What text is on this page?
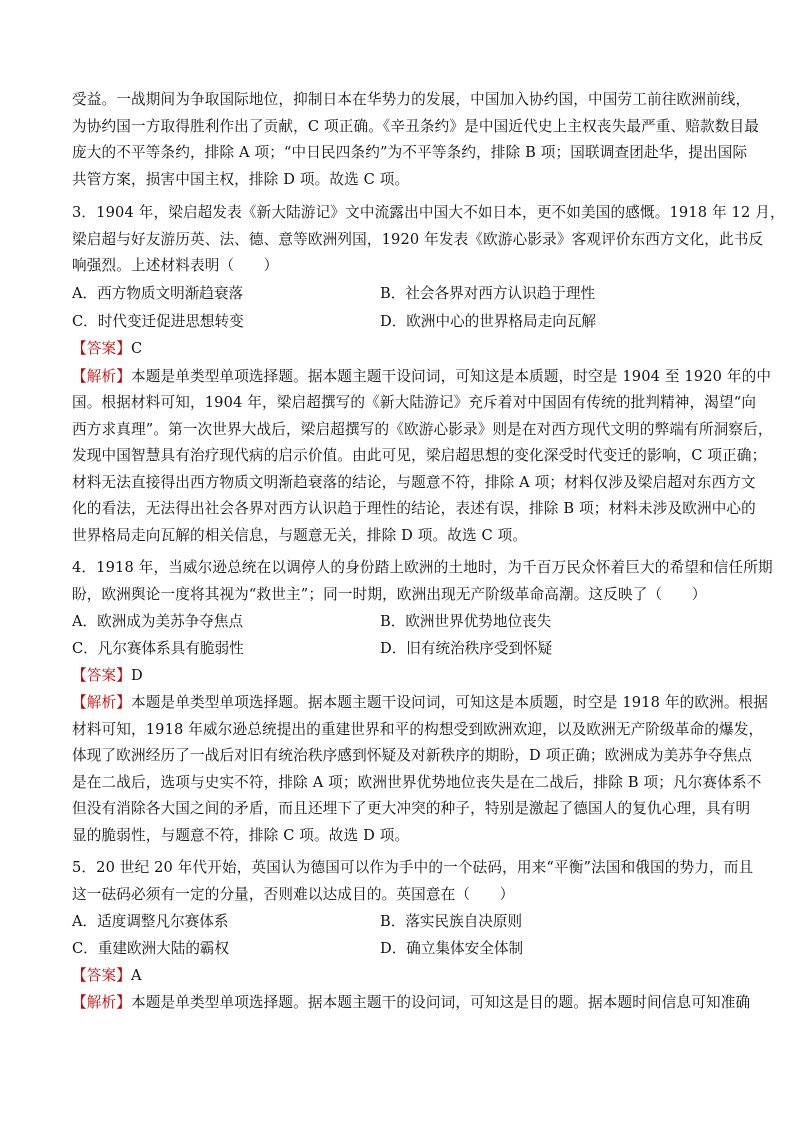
受益。一战期间为争取国际地位，抑制日本在华势力的发展，中国加入协约国，中国劳工前往欧洲前线，
为协约国一方取得胜利作出了贡献，C 项正确。《辛丑条约》是中国近代史上主权丧失最严重、赔款数目最
庞大的不平等条约，排除 A 项；“中日民四条约”为不平等条约，排除 B 项；国联调查团赴华，提出国际
共管方案，损害中国主权，排除 D 项。故选 C 项。
3．1904 年，梁启超发表《新大陆游记》文中流露出中国大不如日本，更不如美国的感慨。1918 年 12 月，
梁启超与好友游历英、法、德、意等欧洲列国，1920 年发表《欧游心影录》客观评价东西方文化，此书反
响强烈。上述材料表明（　　）
A．西方物质文明渐趋衰落	B．社会各界对西方认识趋于理性
C．时代变迁促进思想转变	D．欧洲中心的世界格局走向瓦解
【答案】C
【解析】本题是单类型单项选择题。据本题主题干设问词，可知这是本质题，时空是 1904 至 1920 年的中
国。根据材料可知，1904 年，梁启超撰写的《新大陆游记》充斥着对中国固有传统的批判精神，渴望“向
西方求真理”。第一次世界大战后，梁启超撰写的《欧游心影录》则是在对西方现代文明的弊端有所洞察后，
发现中国智慧具有治疗现代病的启示价值。由此可见，梁启超思想的变化深受时代变迁的影响，C 项正确；
材料无法直接得出西方物质文明渐趋衰落的结论，与题意不符，排除 A 项；材料仅涉及梁启超对东西方文
化的看法，无法得出社会各界对西方认识趋于理性的结论，表述有误，排除 B 项；材料未涉及欧洲中心的
世界格局走向瓦解的相关信息，与题意无关，排除 D 项。故选 C 项。
4．1918 年，当威尔逊总统在以调停人的身份踏上欧洲的土地时，为千百万民众怀着巨大的希望和信任所期
盼，欧洲舆论一度将其视为“救世主”；同一时期，欧洲出现无产阶级革命高潮。这反映了（　　）
A．欧洲成为美苏争夺焦点	B．欧洲世界优势地位丧失
C．凡尔赛体系具有脆弱性	D．旧有统治秩序受到怀疑
【答案】D
【解析】本题是单类型单项选择题。据本题主题干设问词，可知这是本质题，时空是 1918 年的欧洲。根据
材料可知，1918 年威尔逊总统提出的重建世界和平的构想受到欧洲欢迎，以及欧洲无产阶级革命的爆发，
体现了欧洲经历了一战后对旧有统治秩序感到怀疑及对新秩序的期盼，D 项正确；欧洲成为美苏争夺焦点
是在二战后，选项与史实不符，排除 A 项；欧洲世界优势地位丧失是在二战后，排除 B 项；凡尔赛体系不
但没有消除各大国之间的矛盾，而且还埋下了更大冲突的种子，特别是激起了德国人的复仇心理，具有明
显的脆弱性，与题意不符，排除 C 项。故选 D 项。
5．20 世纪 20 年代开始，英国认为德国可以作为手中的一个砝码，用来“平衡”法国和俄国的势力，而且
这一砝码必须有一定的分量，否则难以达成目的。英国意在（　　）
A．适度调整凡尔赛体系	B．落实民族自决原则
C．重建欧洲大陆的霸权	D．确立集体安全体制
【答案】A
【解析】本题是单类型单项选择题。据本题主题干的设问词，可知这是目的题。据本题时间信息可知准确
